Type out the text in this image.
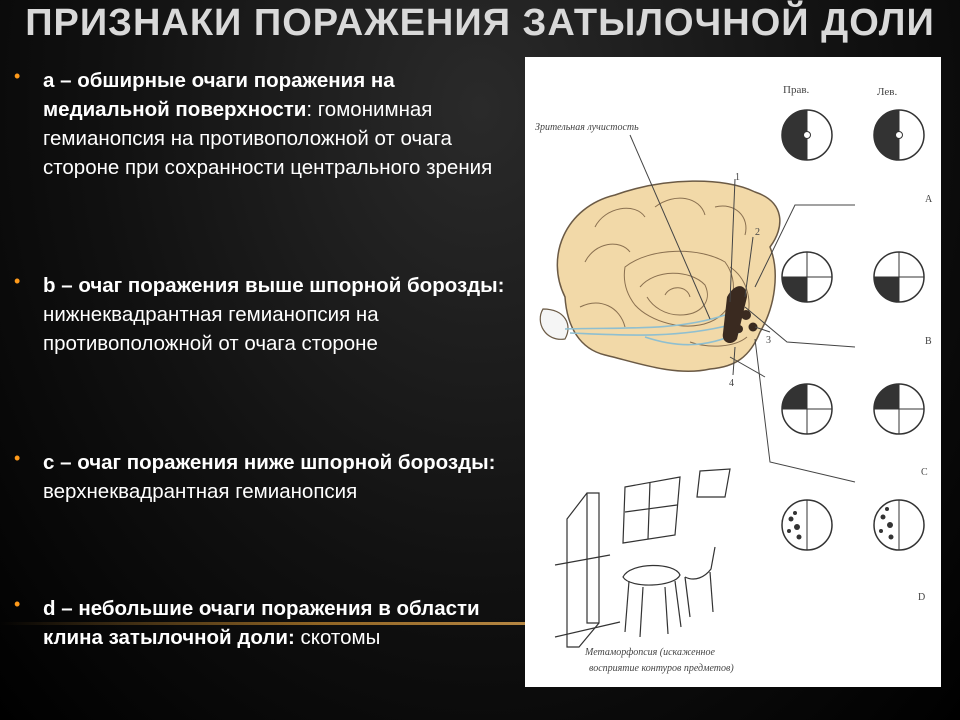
ПРИЗНАКИ ПОРАЖЕНИЯ ЗАТЫЛОЧНОЙ ДОЛИ
• a – обширные очаги поражения на медиальной поверхности: гомонимная гемианопсия на противоположной от очага стороне при сохранности центрального зрения
• b – очаг поражения выше шпорной борозды: нижнеквадрантная гемианопсия на противоположной от очага стороне
• c – очаг поражения ниже шпорной борозды: верхнеквадрантная гемианопсия
• d – небольшие очаги поражения в области клина затылочной доли: скотомы
Прав.	Лев.
Зрительная лучистость
1
2
3
4
A
B
C
D
Метаморфопсия (искаженное
восприятие контуров предметов)
